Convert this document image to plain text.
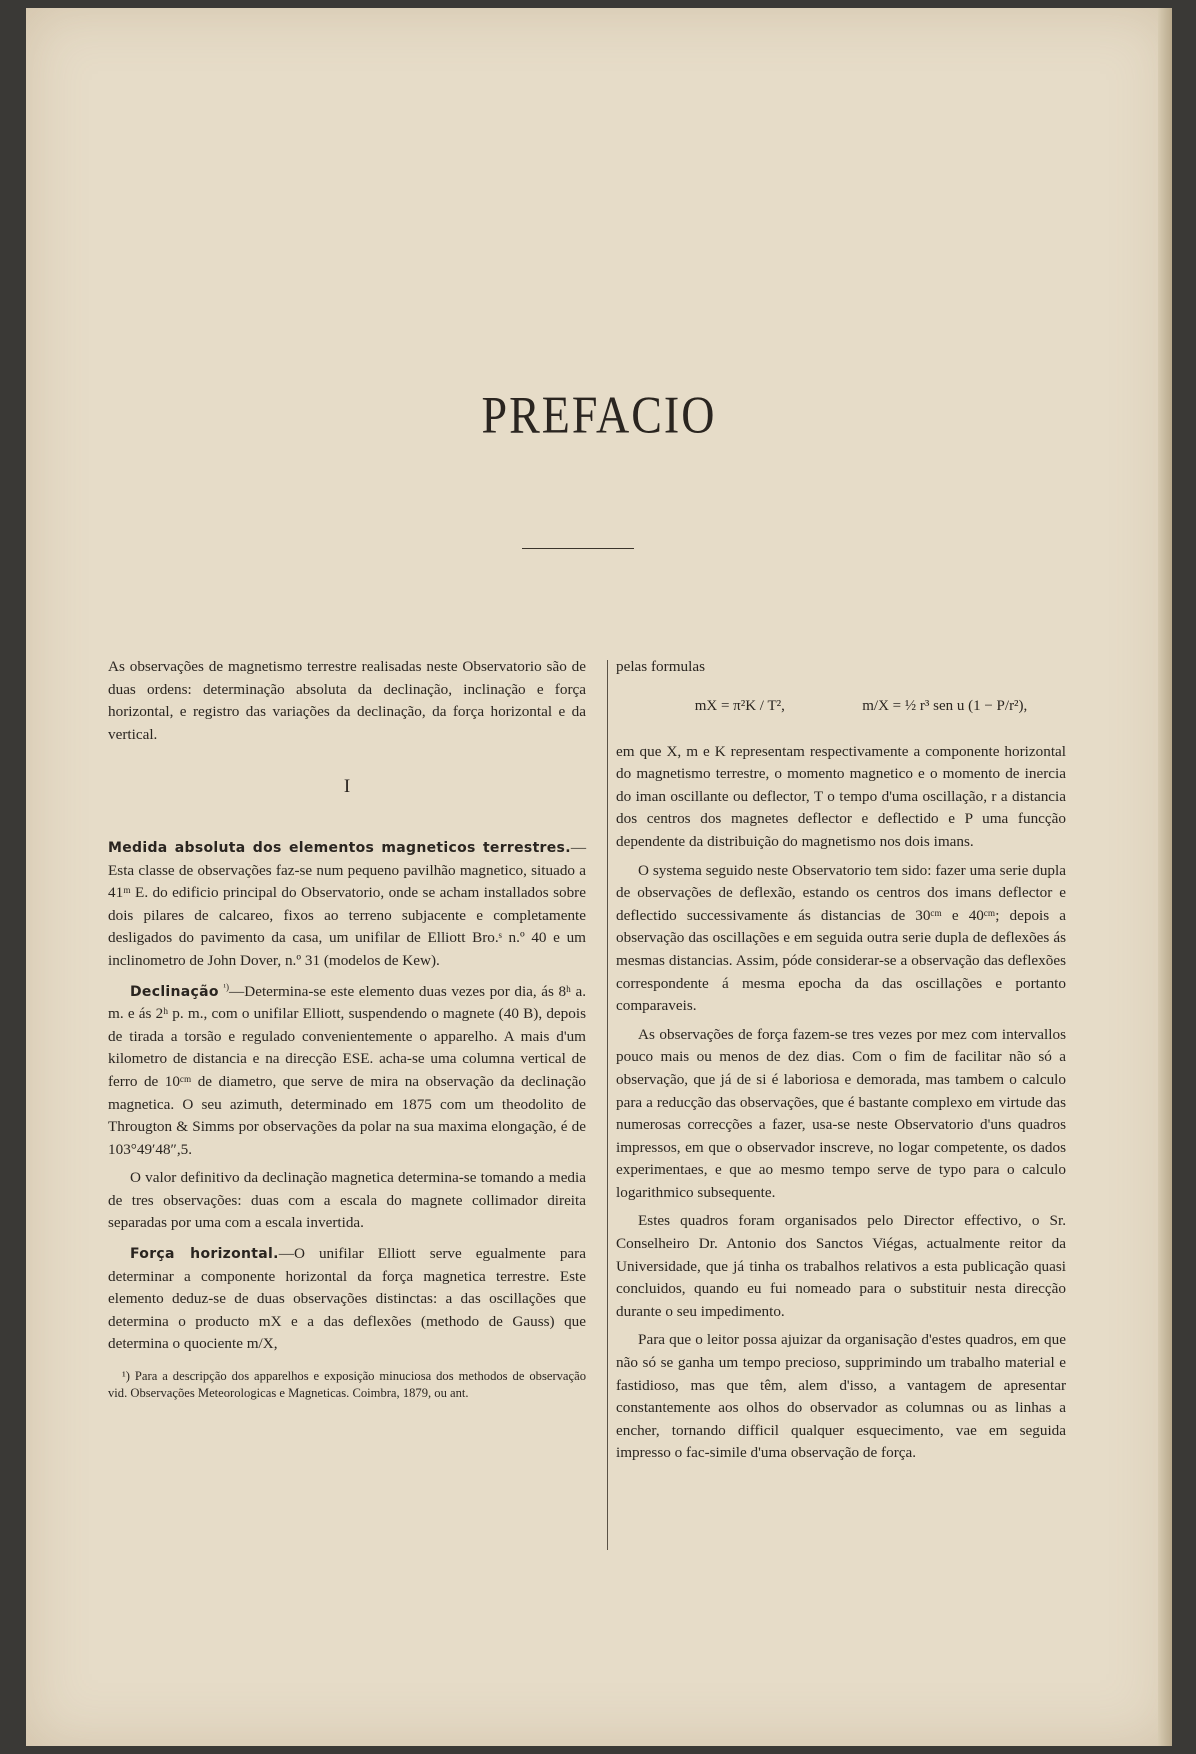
PREFACIO

As observações de magnetismo terrestre realisadas neste Observatorio são de duas ordens: determinação absoluta da declinação, inclinação e força horizontal, e registro das variações da declinação, da força horizontal e da vertical.

I

Medida absoluta dos elementos magneticos terrestres.—Esta classe de observações faz-se num pequeno pavilhão magnetico, situado a 41ᵐ E. do edificio principal do Observatorio, onde se acham installados sobre dois pilares de calcareo, fixos ao terreno subjacente e completamente desligados do pavimento da casa, um unifilar de Elliott Bro.ˢ n.º 40 e um inclinometro de John Dover, n.º 31 (modelos de Kew).

Declinação $^{^1)}$—Determina-se este elemento duas vezes por dia, ás 8ʰ a. m. e ás 2ʰ p. m., com o unifilar Elliott, suspendendo o magnete (40 B), depois de tirada a torsão e regulado convenientemente o apparelho. A mais d'um kilometro de distancia e na direcção ESE. acha-se uma columna vertical de ferro de 10ᶜᵐ de diametro, que serve de mira na observação da declinação magnetica. O seu azimuth, determinado em 1875 com um theodolito de Througton & Simms por observações da polar na sua maxima elongação, é de 103°49′48″,5.

O valor definitivo da declinação magnetica determina-se tomando a media de tres observações: duas com a escala do magnete collimador direita separadas por uma com a escala invertida.

Força horizontal.—O unifilar Elliott serve egualmente para determinar a componente horizontal da força magnetica terrestre. Este elemento deduz-se de duas observações distinctas: a das oscillações que determina o producto mX e a das deflexões (methodo de Gauss) que determina o quociente m/X,

¹) Para a descripção dos apparelhos e exposição minuciosa dos methodos de observação vid. Observações Meteorologicas e Magneticas. Coimbra, 1879, ou ant.

pelas formulas

mX = π²K / T²,	m/X = ½ r³ sen u (1 − P/r²),

em que X, m e K representam respectivamente a componente horizontal do magnetismo terrestre, o momento magnetico e o momento de inercia do iman oscillante ou deflector, T o tempo d'uma oscillação, r a distancia dos centros dos magnetes deflector e deflectido e P uma funcção dependente da distribuição do magnetismo nos dois imans.

O systema seguido neste Observatorio tem sido: fazer uma serie dupla de observações de deflexão, estando os centros dos imans deflector e deflectido successivamente ás distancias de 30ᶜᵐ e 40ᶜᵐ; depois a observação das oscillações e em seguida outra serie dupla de deflexões ás mesmas distancias. Assim, póde considerar-se a observação das deflexões correspondente á mesma epocha da das oscillações e portanto comparaveis.

As observações de força fazem-se tres vezes por mez com intervallos pouco mais ou menos de dez dias. Com o fim de facilitar não só a observação, que já de si é laboriosa e demorada, mas tambem o calculo para a reducção das observações, que é bastante complexo em virtude das numerosas correcções a fazer, usa-se neste Observatorio d'uns quadros impressos, em que o observador inscreve, no logar competente, os dados experimentaes, e que ao mesmo tempo serve de typo para o calculo logarithmico subsequente.

Estes quadros foram organisados pelo Director effectivo, o Sr. Conselheiro Dr. Antonio dos Sanctos Viégas, actualmente reitor da Universidade, que já tinha os trabalhos relativos a esta publicação quasi concluidos, quando eu fui nomeado para o substituir nesta direcção durante o seu impedimento.

Para que o leitor possa ajuizar da organisação d'estes quadros, em que não só se ganha um tempo precioso, supprimindo um trabalho material e fastidioso, mas que têm, alem d'isso, a vantagem de apresentar constantemente aos olhos do observador as columnas ou as linhas a encher, tornando difficil qualquer esquecimento, vae em seguida impresso o fac-simile d'uma observação de força.
